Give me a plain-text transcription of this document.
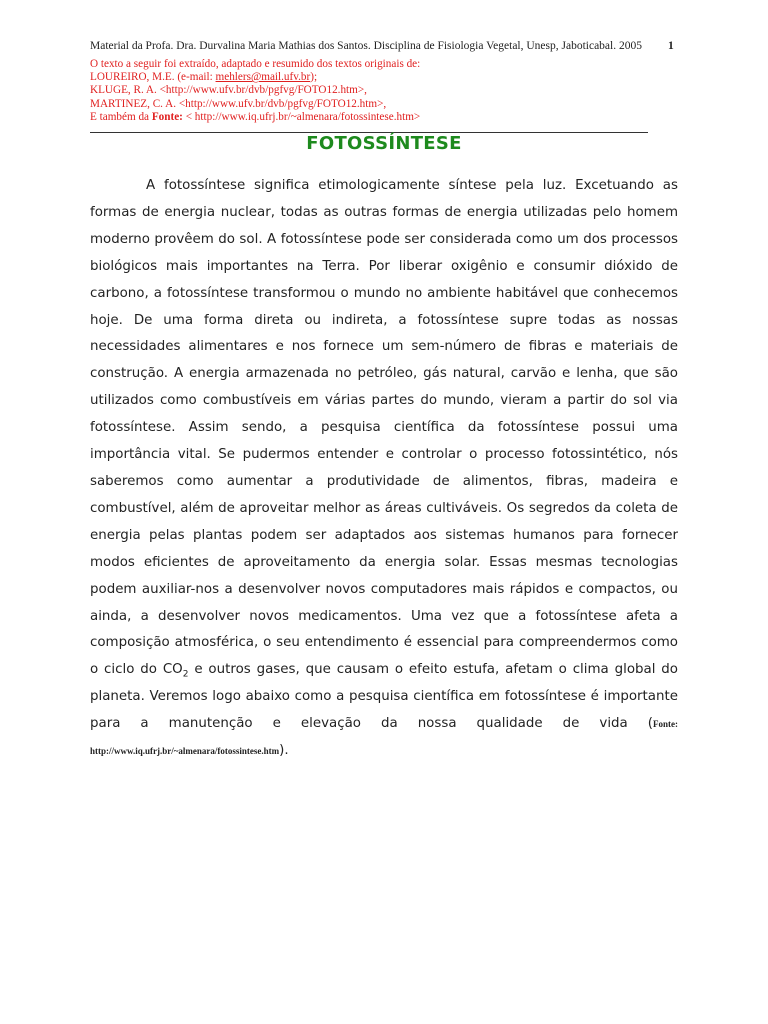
Material da Profa. Dra. Durvalina Maria Mathias dos Santos. Disciplina de Fisiologia Vegetal, Unesp, Jaboticabal. 2005	1
O texto a seguir foi extraído, adaptado e resumido dos textos originais de:
LOUREIRO, M.E. (e-mail: mehlers@mail.ufv.br);
KLUGE, R. A. <http://www.ufv.br/dvb/pgfvg/FOTO12.htm>,
MARTINEZ, C. A. <http://www.ufv.br/dvb/pgfvg/FOTO12.htm>,
E também da Fonte: < http://www.iq.ufrj.br/~almenara/fotossintese.htm>
FOTOSSÍNTESE
A fotossíntese significa etimologicamente síntese pela luz. Excetuando as formas de energia nuclear, todas as outras formas de energia utilizadas pelo homem moderno provêem do sol. A fotossíntese pode ser considerada como um dos processos biológicos mais importantes na Terra. Por liberar oxigênio e consumir dióxido de carbono, a fotossíntese transformou o mundo no ambiente habitável que conhecemos hoje. De uma forma direta ou indireta, a fotossíntese supre todas as nossas necessidades alimentares e nos fornece um sem-número de fibras e materiais de construção. A energia armazenada no petróleo, gás natural, carvão e lenha, que são utilizados como combustíveis em várias partes do mundo, vieram a partir do sol via fotossíntese. Assim sendo, a pesquisa científica da fotossíntese possui uma importância vital. Se pudermos entender e controlar o processo fotossintético, nós saberemos como aumentar a produtividade de alimentos, fibras, madeira e combustível, além de aproveitar melhor as áreas cultiváveis. Os segredos da coleta de energia pelas plantas podem ser adaptados aos sistemas humanos para fornecer modos eficientes de aproveitamento da energia solar. Essas mesmas tecnologias podem auxiliar-nos a desenvolver novos computadores mais rápidos e compactos, ou ainda, a desenvolver novos medicamentos. Uma vez que a fotossíntese afeta a composição atmosférica, o seu entendimento é essencial para compreendermos como o ciclo do $CO_2$ e outros gases, que causam o efeito estufa, afetam o clima global do planeta. Veremos logo abaixo como a pesquisa científica em fotossíntese é importante para a manutenção e elevação da nossa qualidade de vida (Fonte: http://www.iq.ufrj.br/~almenara/fotossintese.htm).
